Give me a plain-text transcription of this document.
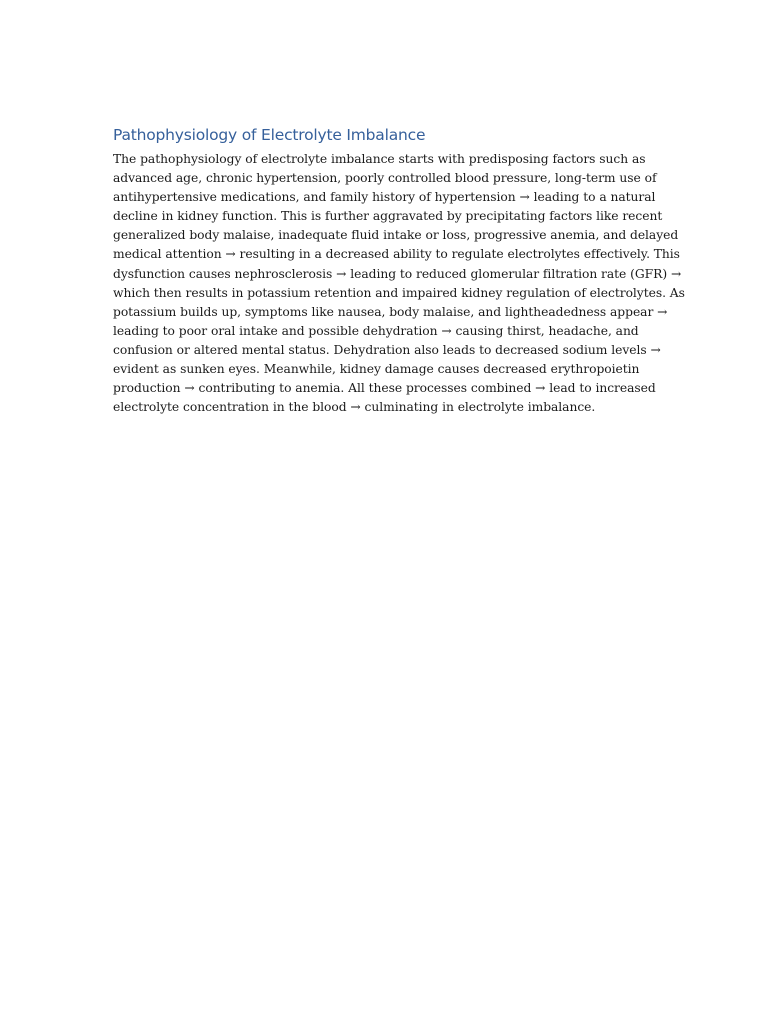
Pathophysiology of Electrolyte Imbalance
The pathophysiology of electrolyte imbalance starts with predisposing factors such as
advanced age, chronic hypertension, poorly controlled blood pressure, long-term use of
antihypertensive medications, and family history of hypertension → leading to a natural
decline in kidney function. This is further aggravated by precipitating factors like recent
generalized body malaise, inadequate fluid intake or loss, progressive anemia, and delayed
medical attention → resulting in a decreased ability to regulate electrolytes effectively. This
dysfunction causes nephrosclerosis → leading to reduced glomerular filtration rate (GFR) →
which then results in potassium retention and impaired kidney regulation of electrolytes. As
potassium builds up, symptoms like nausea, body malaise, and lightheadedness appear →
leading to poor oral intake and possible dehydration → causing thirst, headache, and
confusion or altered mental status. Dehydration also leads to decreased sodium levels →
evident as sunken eyes. Meanwhile, kidney damage causes decreased erythropoietin
production → contributing to anemia. All these processes combined → lead to increased
electrolyte concentration in the blood → culminating in electrolyte imbalance.
